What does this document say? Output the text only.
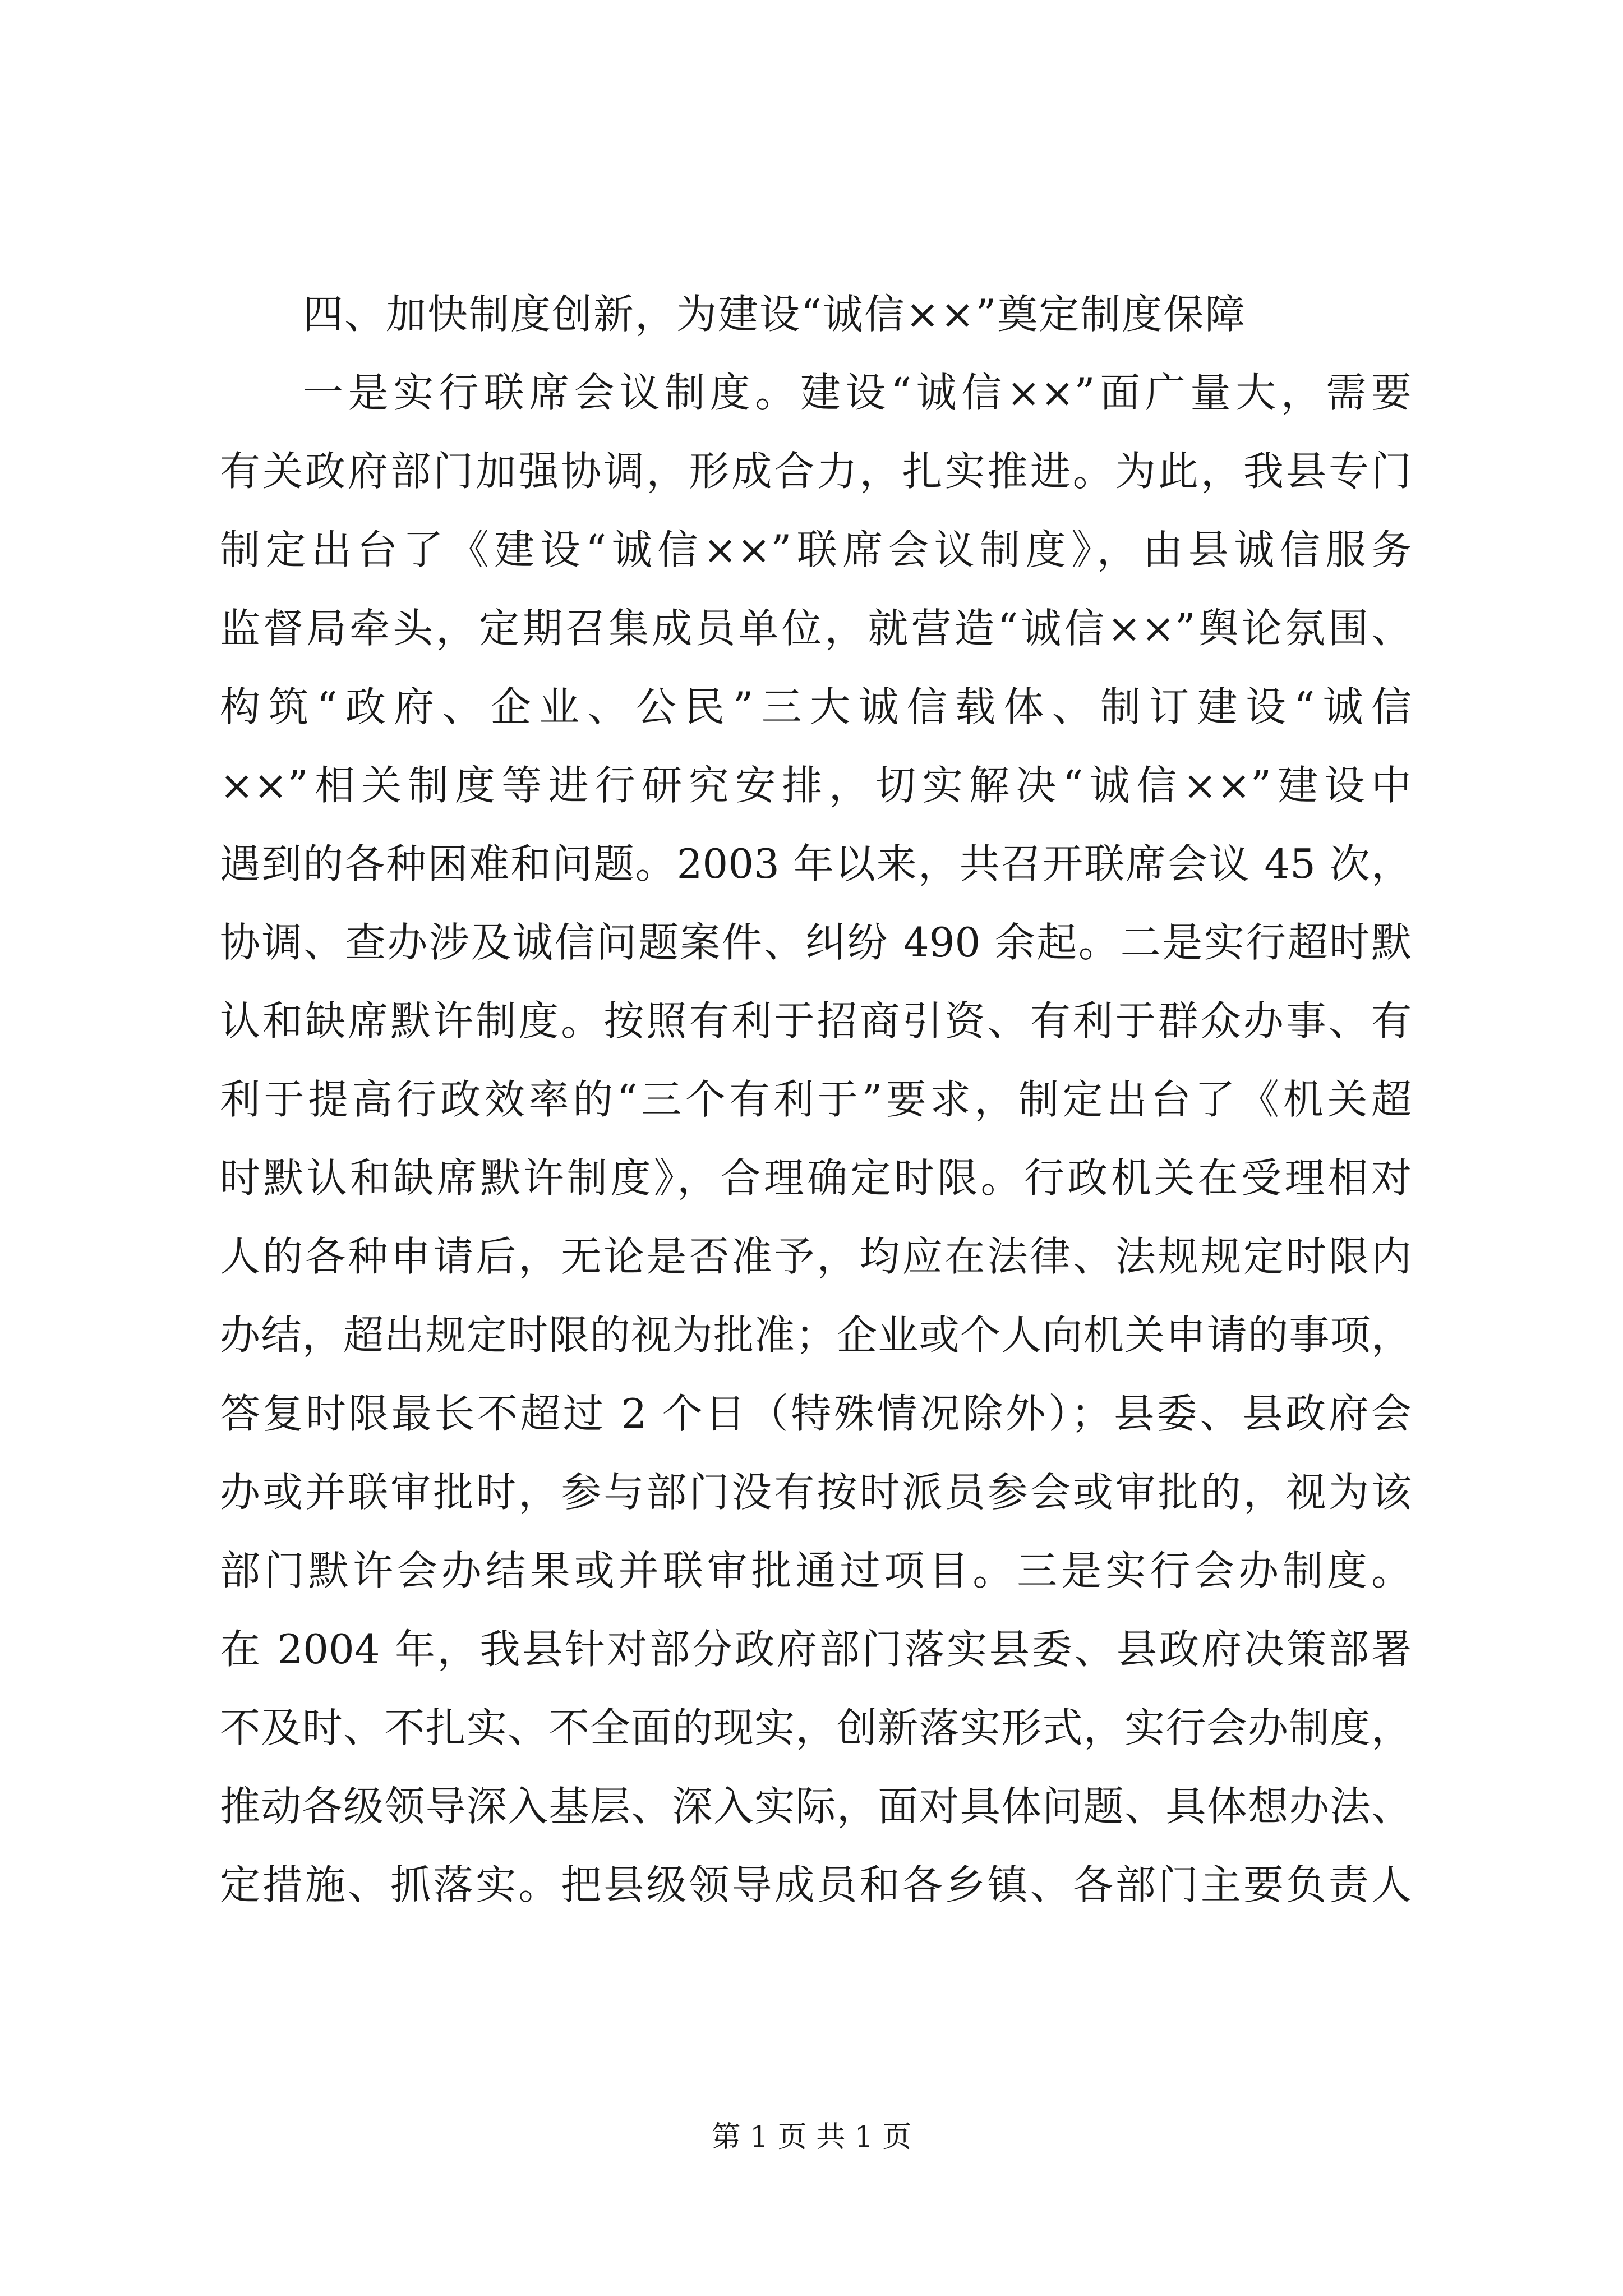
四、加快制度创新，为建设“诚信××”奠定制度保障

一是实行联席会议制度。建设“诚信××”面广量大，需要

有关政府部门加强协调，形成合力，扎实推进。为此，我县专门

制定出台了《建设“诚信××”联席会议制度》，由县诚信服务

监督局牵头，定期召集成员单位，就营造“诚信××”舆论氛围、

构筑“政府、企业、公民”三大诚信载体、制订建设“诚信

××”相关制度等进行研究安排，切实解决“诚信××”建设中

遇到的各种困难和问题。2003 年以来，共召开联席会议 45 次，

协调、查办涉及诚信问题案件、纠纷 490 余起。二是实行超时默

认和缺席默许制度。按照有利于招商引资、有利于群众办事、有

利于提高行政效率的“三个有利于”要求，制定出台了《机关超

时默认和缺席默许制度》，合理确定时限。行政机关在受理相对

人的各种申请后，无论是否准予，均应在法律、法规规定时限内

办结，超出规定时限的视为批准；企业或个人向机关申请的事项，

答复时限最长不超过 2 个日（特殊情况除外）；县委、县政府会

办或并联审批时，参与部门没有按时派员参会或审批的，视为该

部门默许会办结果或并联审批通过项目。三是实行会办制度。

在 2004 年，我县针对部分政府部门落实县委、县政府决策部署

不及时、不扎实、不全面的现实，创新落实形式，实行会办制度，

推动各级领导深入基层、深入实际，面对具体问题、具体想办法、

定措施、抓落实。把县级领导成员和各乡镇、各部门主要负责人

第 1 页 共 1 页
